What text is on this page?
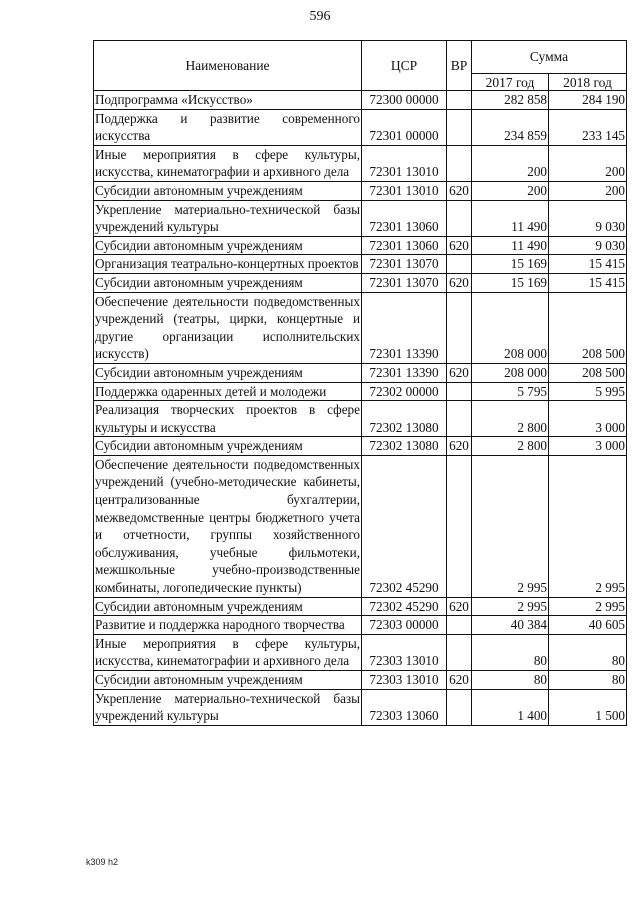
596
Наименование	ЦСР	ВР	Сумма	
			2017 год	2018 год
Подпрограмма «Искусство»	72300 00000		282 858	284 190
Поддержка и развитие современного искусства	72301 00000		234 859	233 145
Иные мероприятия в сфере культуры, искусства, кинематографии и архивного дела	72301 13010		200	200
Субсидии автономным учреждениям	72301 13010	620	200	200
Укрепление материально-технической базы учреждений культуры	72301 13060		11 490	9 030
Субсидии автономным учреждениям	72301 13060	620	11 490	9 030
Организация театрально-концертных проектов	72301 13070		15 169	15 415
Субсидии автономным учреждениям	72301 13070	620	15 169	15 415
Обеспечение деятельности подведомственных учреждений (театры, цирки, концертные и другие организации исполнительских искусств)	72301 13390		208 000	208 500
Субсидии автономным учреждениям	72301 13390	620	208 000	208 500
Поддержка одаренных детей и молодежи	72302 00000		5 795	5 995
Реализация творческих проектов в сфере культуры и искусства	72302 13080		2 800	3 000
Субсидии автономным учреждениям	72302 13080	620	2 800	3 000
Обеспечение деятельности подведомственных учреждений (учебно-методические кабинеты, централизованные бухгалтерии, межведомственные центры бюджетного учета и отчетности, группы хозяйственного обслуживания, учебные фильмотеки, межшкольные учебно-производственные комбинаты, логопедические пункты)	72302 45290		2 995	2 995
Субсидии автономным учреждениям	72302 45290	620	2 995	2 995
Развитие и поддержка народного творчества	72303 00000		40 384	40 605
Иные мероприятия в сфере культуры, искусства, кинематографии и архивного дела	72303 13010		80	80
Субсидии автономным учреждениям	72303 13010	620	80	80
Укрепление материально-технической базы учреждений культуры	72303 13060		1 400	1 500
k309 h2
